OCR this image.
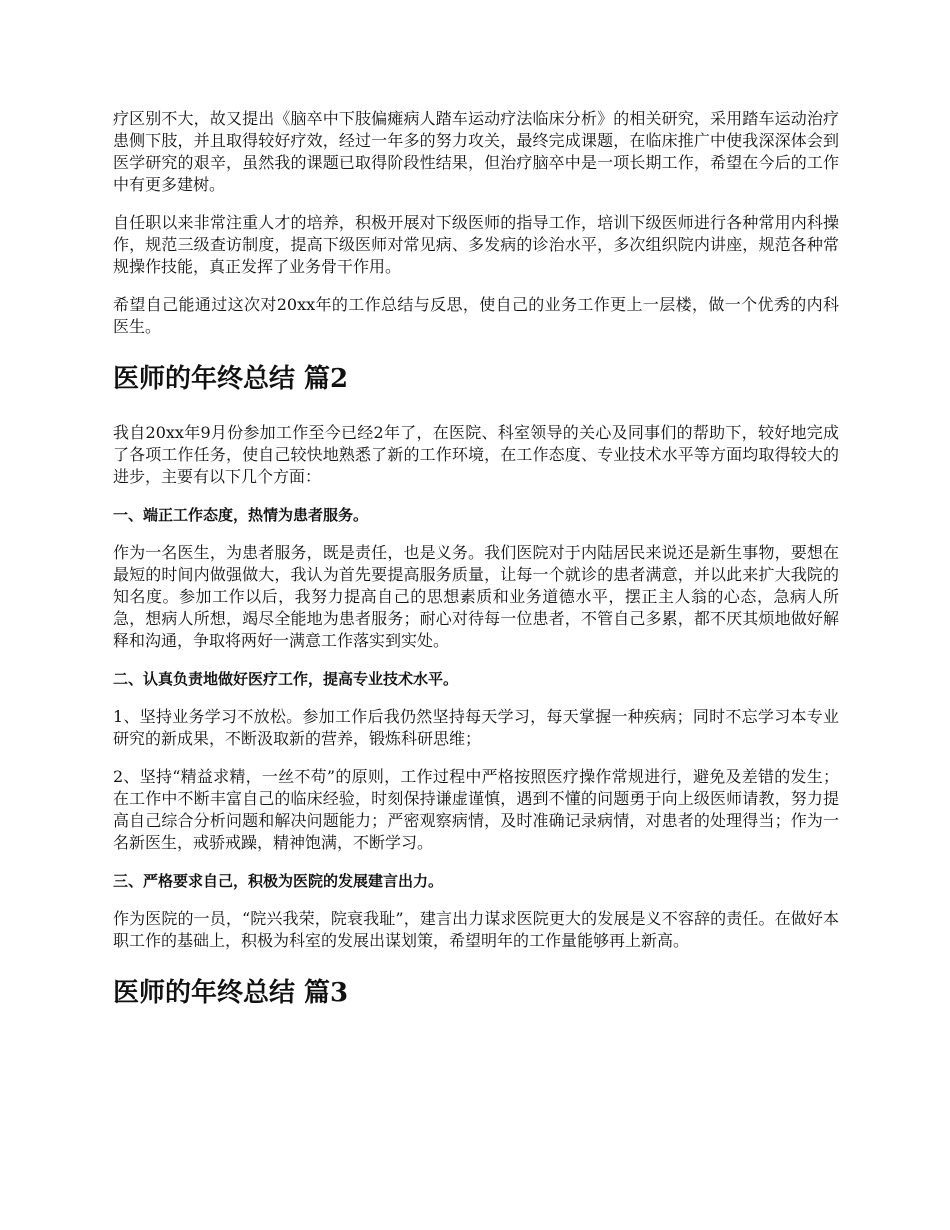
疗区别不大，故又提出《脑卒中下肢偏瘫病人踏车运动疗法临床分析》的相关研究，采用踏车运动治疗患侧下肢，并且取得较好疗效，经过一年多的努力攻关，最终完成课题，在临床推广中使我深深体会到医学研究的艰辛，虽然我的课题已取得阶段性结果，但治疗脑卒中是一项长期工作，希望在今后的工作中有更多建树。

自任职以来非常注重人才的培养，积极开展对下级医师的指导工作，培训下级医师进行各种常用内科操作，规范三级查访制度，提高下级医师对常见病、多发病的诊治水平，多次组织院内讲座，规范各种常规操作技能，真正发挥了业务骨干作用。

希望自己能通过这次对20xx年的工作总结与反思，使自己的业务工作更上一层楼，做一个优秀的内科医生。

医师的年终总结 篇2

我自20xx年9月份参加工作至今已经2年了，在医院、科室领导的关心及同事们的帮助下，较好地完成了各项工作任务，使自己较快地熟悉了新的工作环境，在工作态度、专业技术水平等方面均取得较大的进步，主要有以下几个方面：

一、端正工作态度，热情为患者服务。

作为一名医生，为患者服务，既是责任，也是义务。我们医院对于内陆居民来说还是新生事物，要想在最短的时间内做强做大，我认为首先要提高服务质量，让每一个就诊的患者满意，并以此来扩大我院的知名度。参加工作以后，我努力提高自己的思想素质和业务道德水平，摆正主人翁的心态，急病人所急，想病人所想，竭尽全能地为患者服务；耐心对待每一位患者，不管自己多累，都不厌其烦地做好解释和沟通，争取将两好一满意工作落实到实处。

二、认真负责地做好医疗工作，提高专业技术水平。

1、坚持业务学习不放松。参加工作后我仍然坚持每天学习，每天掌握一种疾病；同时不忘学习本专业研究的新成果，不断汲取新的营养，锻炼科研思维；

2、坚持“精益求精，一丝不苟”的原则，工作过程中严格按照医疗操作常规进行，避免及差错的发生；在工作中不断丰富自己的临床经验，时刻保持谦虚谨慎，遇到不懂的问题勇于向上级医师请教，努力提高自己综合分析问题和解决问题能力；严密观察病情，及时准确记录病情，对患者的处理得当；作为一名新医生，戒骄戒躁，精神饱满，不断学习。

三、严格要求自己，积极为医院的发展建言出力。

作为医院的一员，“院兴我荣，院衰我耻”，建言出力谋求医院更大的发展是义不容辞的责任。在做好本职工作的基础上，积极为科室的发展出谋划策，希望明年的工作量能够再上新高。

医师的年终总结 篇3
